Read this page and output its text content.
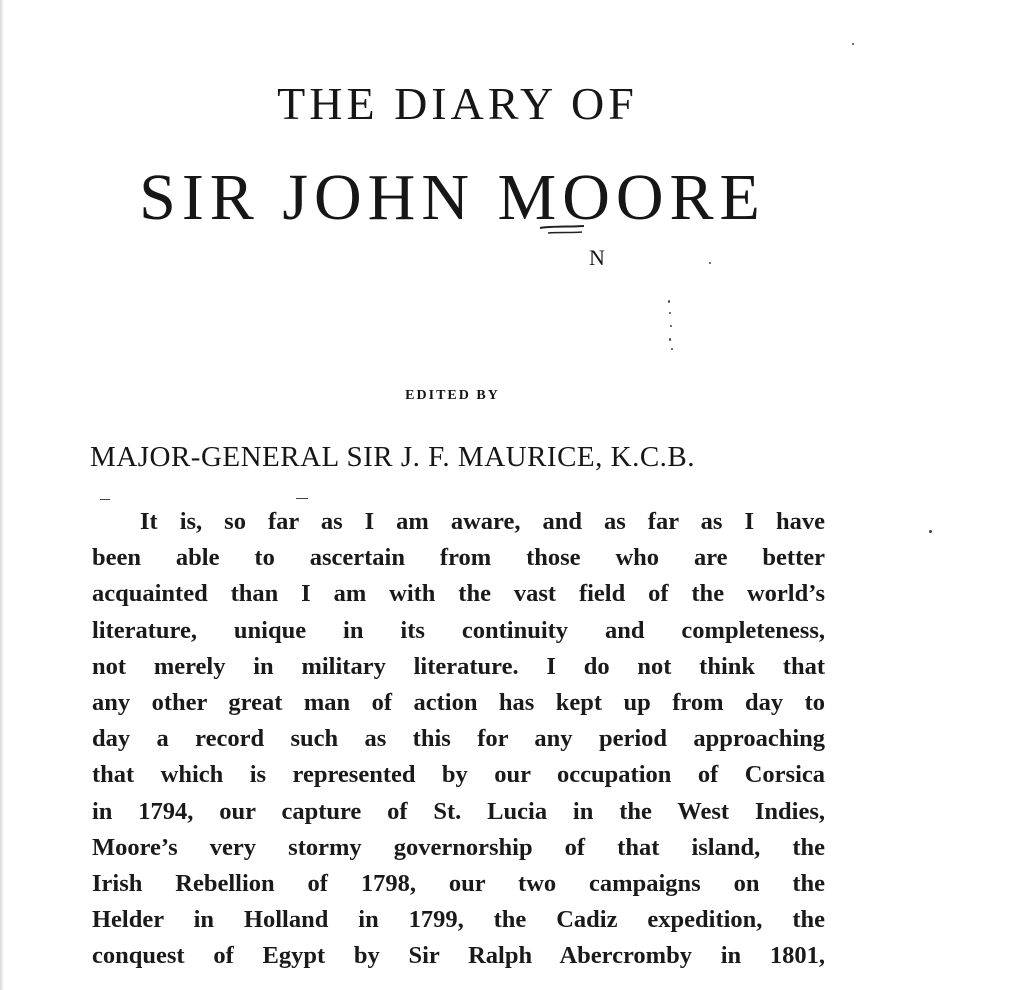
THE DIARY OF
SIR JOHN MOORE
N
EDITED BY
MAJOR-GENERAL SIR J. F. MAURICE, K.C.B.
It is, so far as I am aware, and as far as I have
been able to ascertain from those who are better
acquainted than I am with the vast field of the world’s
literature, unique in its continuity and completeness,
not merely in military literature. I do not think that
any other great man of action has kept up from day to
day a record such as this for any period approaching
that which is represented by our occupation of Corsica
in 1794, our capture of St. Lucia in the West Indies,
Moore’s very stormy governorship of that island, the
Irish Rebellion of 1798, our two campaigns on the
Helder in Holland in 1799, the Cadiz expedition, the
conquest of Egypt by Sir Ralph Abercromby in 1801,
